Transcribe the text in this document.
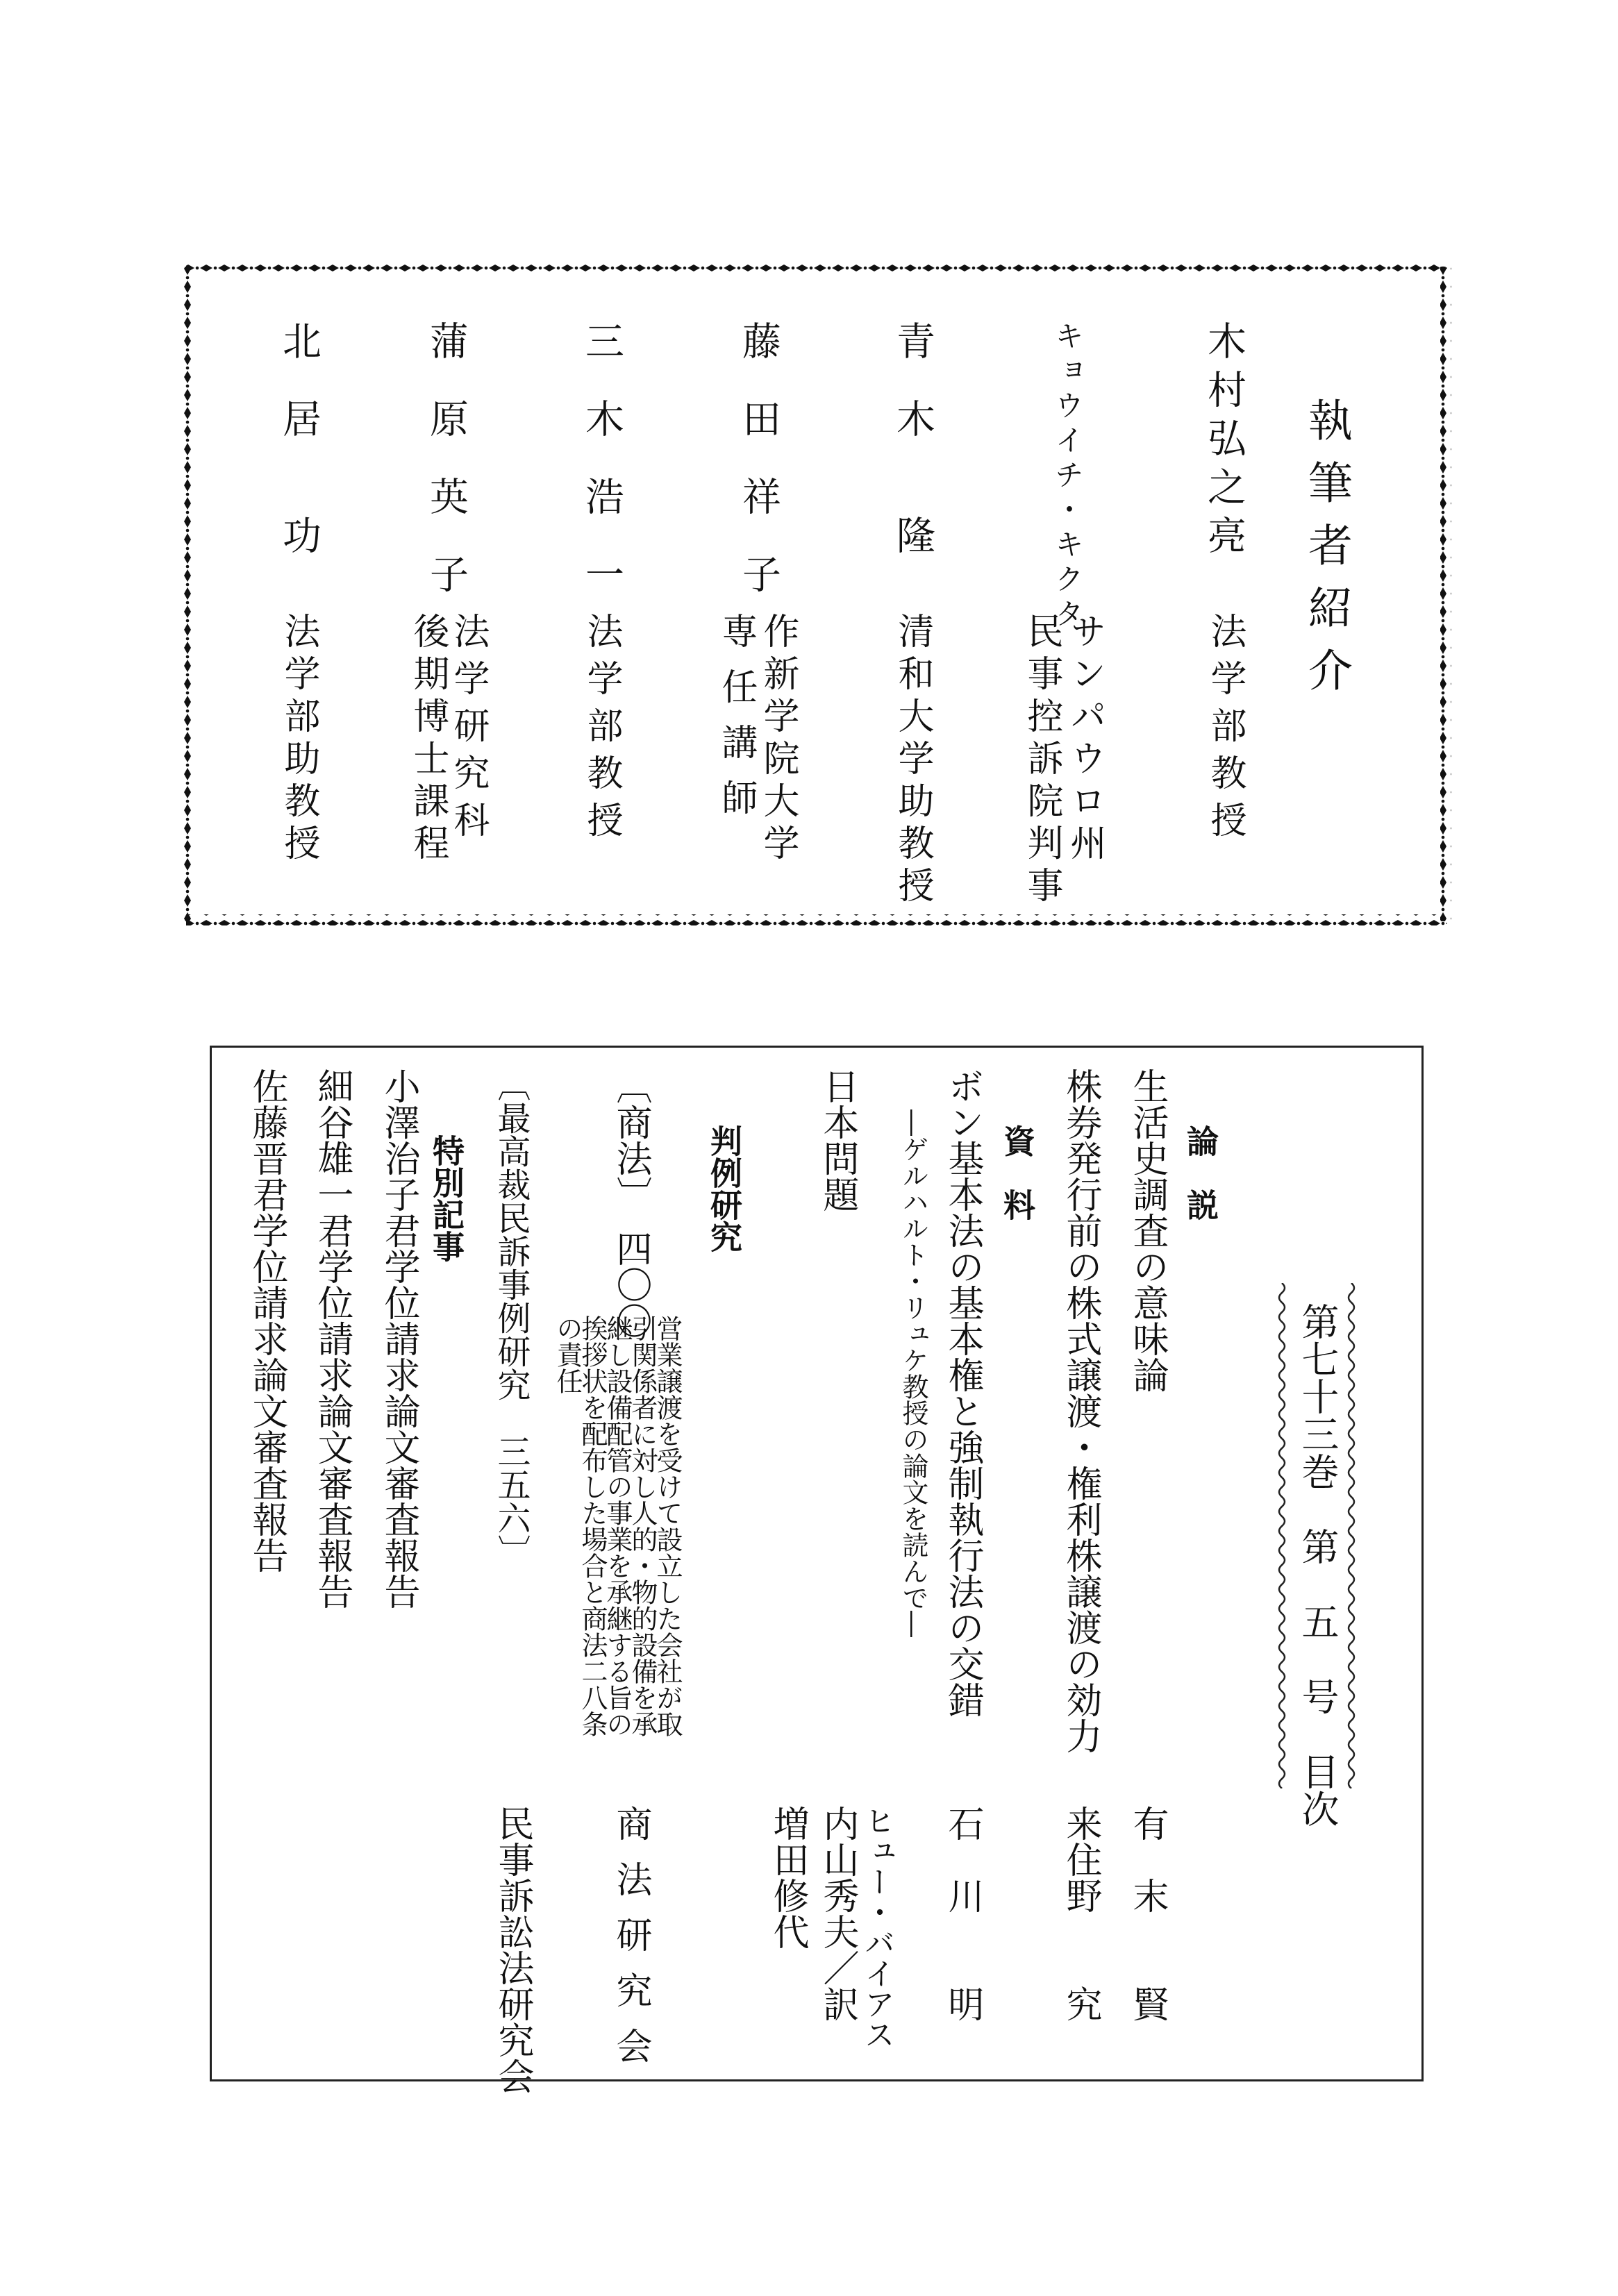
執筆者紹介
木村弘之亮
法学部教授
キョウイチ・キクタ
サンパウロ州
民事控訴院判事
青　木　　隆
清和大学助教授
藤　田　祥　子
作新学院大学
専任講師
三　木　浩　一
法学部教授
蒲　原　英　子
法学研究科
後期博士課程
北　居　　功
法学部助教授
第七十三巻　第　五　号　目次
論　説
生活史調査の意味論
有　末　　賢
株券発行前の株式譲渡・権利株譲渡の効力
来住野　　究
資　料
ボン基本法の基本権と強制執行法の交錯
―ゲルハルト・リュケ教授の論文を読んで―
石　川　　明
ヒュー・バイアス
内山秀夫／訳
増田修代
日本問題
判例研究
〔商法〕　四〇〇
営業譲渡を受けて設立した会社が取
引関係者に対し人的・物的設備を承
継し設備配管の事業を承継する旨の
挨拶状を配布した場合と商法二八条
の責任
商法研究会
〔最高裁民訴事例研究　三五六〕
民事訴訟法研究会
特別記事
小澤治子君学位請求論文審査報告
細谷雄一君学位請求論文審査報告
佐藤晋君学位請求論文審査報告
